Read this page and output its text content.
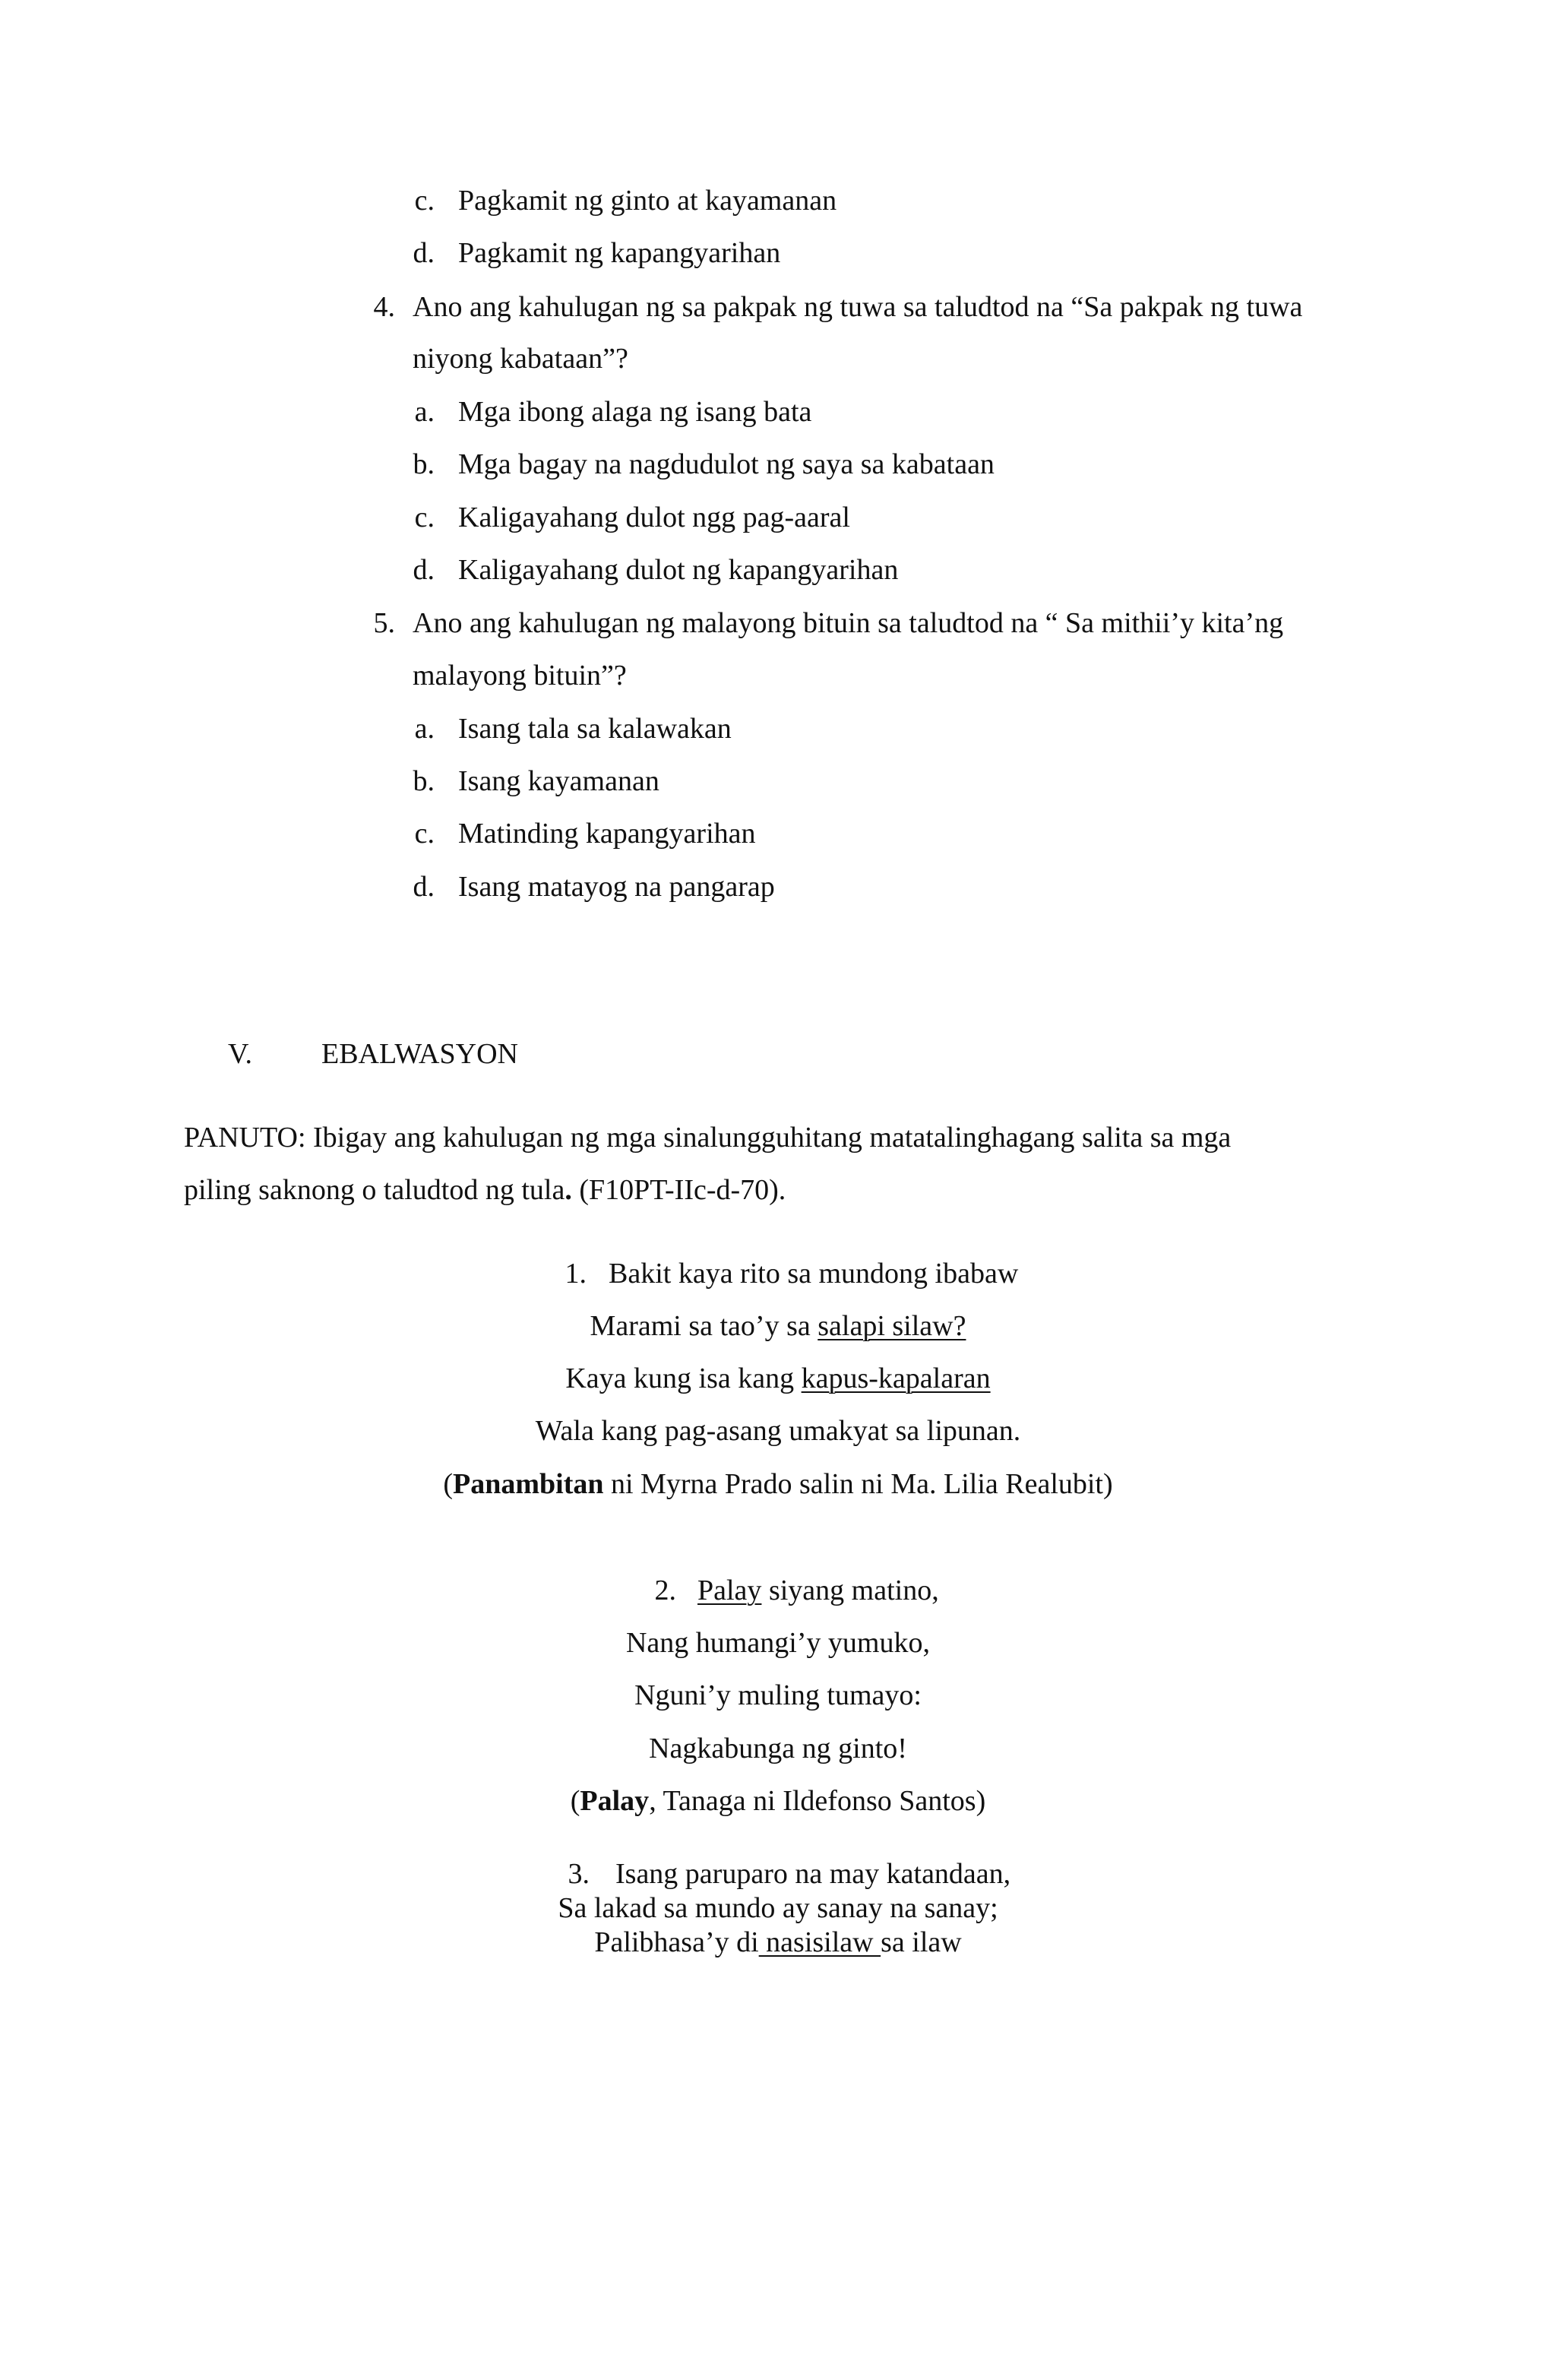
c. Pagkamit ng ginto at kayamanan
d. Pagkamit ng kapangyarihan
4. Ano ang kahulugan ng sa pakpak ng tuwa sa taludtod na “Sa pakpak ng tuwa
niyong kabataan”?
a. Mga ibong alaga ng isang bata
b. Mga bagay na nagdudulot ng saya sa kabataan
c. Kaligayahang dulot ngg pag-aaral
d. Kaligayahang dulot ng kapangyarihan
5. Ano ang kahulugan ng malayong bituin sa taludtod na “ Sa mithii’y kita’ng
malayong bituin”?
a. Isang tala sa kalawakan
b. Isang kayamanan
c. Matinding kapangyarihan
d. Isang matayog na pangarap
V. EBALWASYON
PANUTO: Ibigay ang kahulugan ng mga sinalungguhitang matatalinghagang salita sa mga
piling saknong o taludtod ng tula. (F10PT-IIc-d-70).
1. Bakit kaya rito sa mundong ibabaw
Marami sa tao’y sa salapi silaw?
Kaya kung isa kang kapus-kapalaran
Wala kang pag-asang umakyat sa lipunan.
(Panambitan ni Myrna Prado salin ni Ma. Lilia Realubit)
2. Palay siyang matino,
Nang humangi’y yumuko,
Nguni’y muling tumayo:
Nagkabunga ng ginto!
(Palay, Tanaga ni Ildefonso Santos)
3. Isang paruparo na may katandaan,
Sa lakad sa mundo ay sanay na sanay;
Palibhasa’y di nasisilaw sa ilaw
